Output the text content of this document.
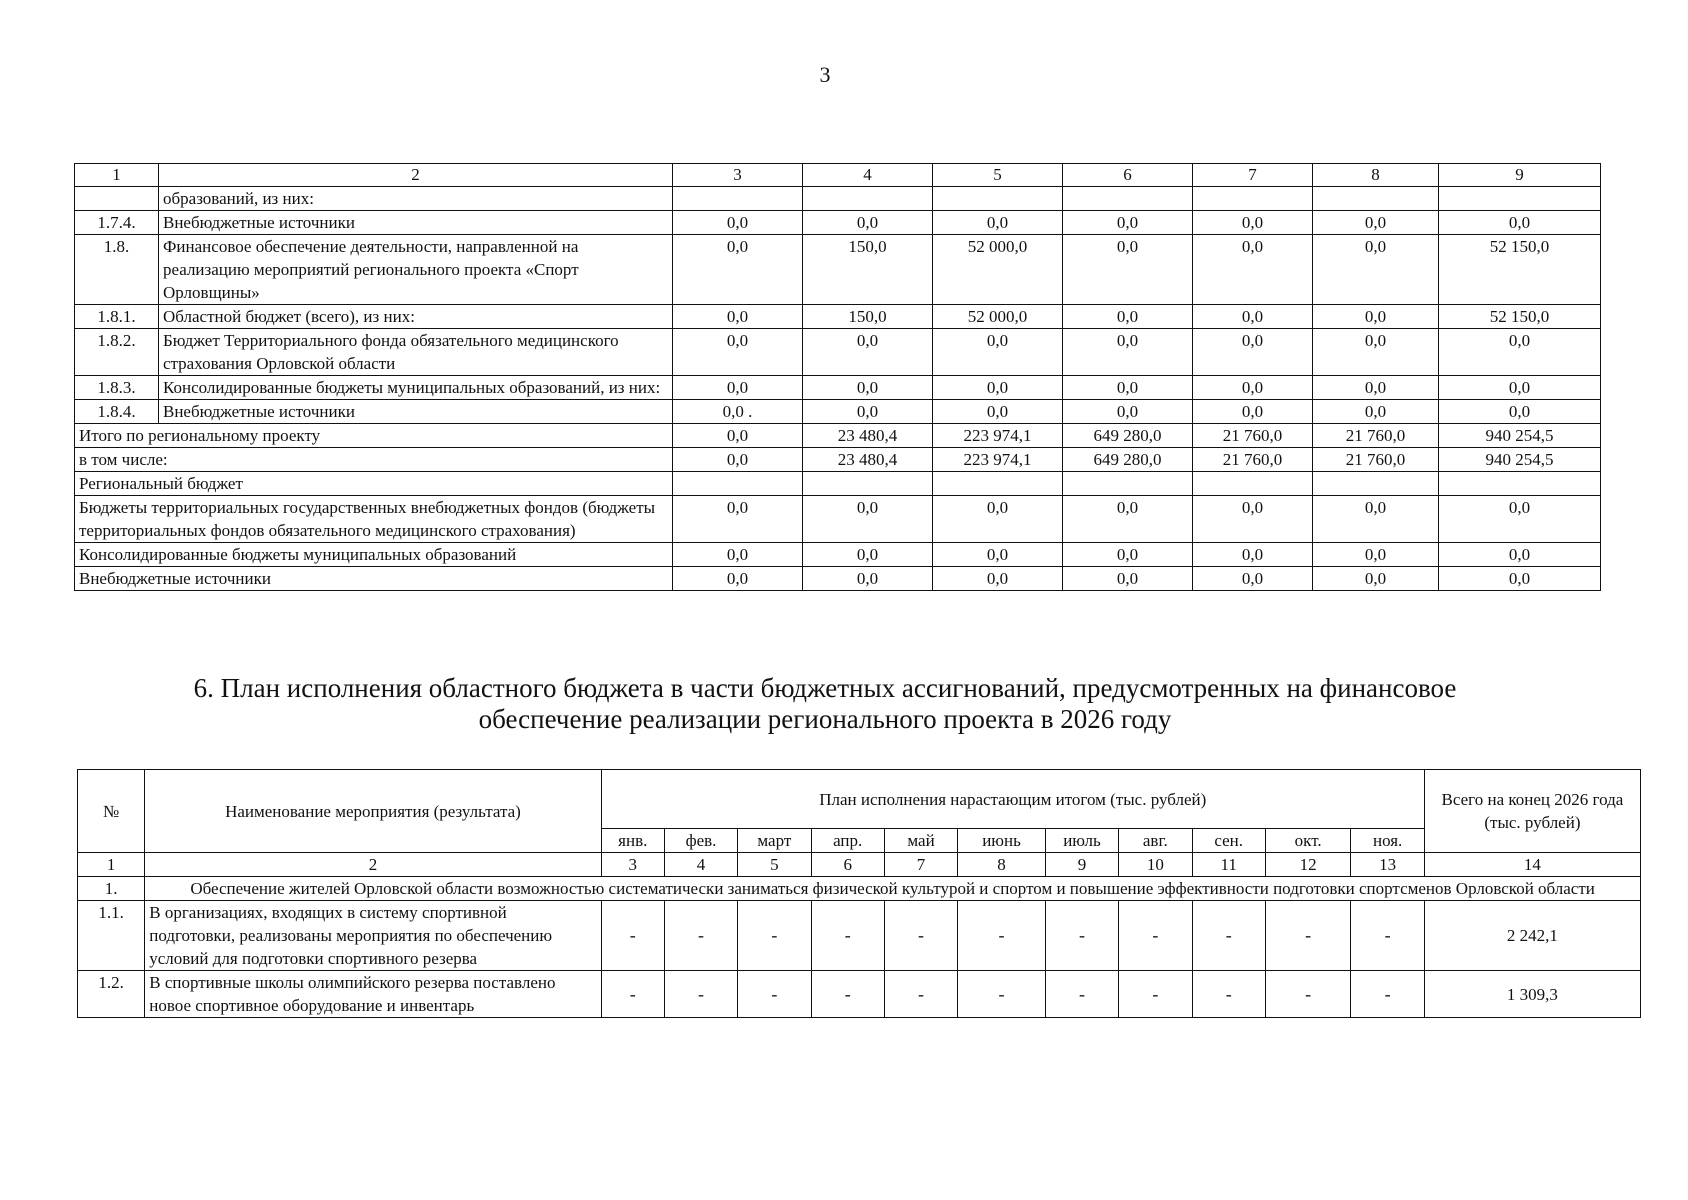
3
1	2	3	4	5	6	7	8	9
	образований, из них:							
1.7.4.	Внебюджетные источники	0,0	0,0	0,0	0,0	0,0	0,0	0,0
1.8.	Финансовое обеспечение деятельности, направленной на реализацию мероприятий регионального проекта «Спорт Орловщины»	0,0	150,0	52 000,0	0,0	0,0	0,0	52 150,0
1.8.1.	Областной бюджет (всего), из них:	0,0	150,0	52 000,0	0,0	0,0	0,0	52 150,0
1.8.2.	Бюджет Территориального фонда обязательного медицинского страхования Орловской области	0,0	0,0	0,0	0,0	0,0	0,0	0,0
1.8.3.	Консолидированные бюджеты муниципальных образований, из них:	0,0	0,0	0,0	0,0	0,0	0,0	0,0
1.8.4.	Внебюджетные источники	0,0 .	0,0	0,0	0,0	0,0	0,0	0,0
Итого по региональному проекту		0,0	23 480,4	223 974,1	649 280,0	21 760,0	21 760,0	940 254,5
в том числе:		0,0	23 480,4	223 974,1	649 280,0	21 760,0	21 760,0	940 254,5
Региональный бюджет								
Бюджеты территориальных государственных внебюджетных фондов (бюджеты территориальных фондов обязательного медицинского страхования)		0,0	0,0	0,0	0,0	0,0	0,0	0,0
Консолидированные бюджеты муниципальных образований		0,0	0,0	0,0	0,0	0,0	0,0	0,0
Внебюджетные источники		0,0	0,0	0,0	0,0	0,0	0,0	0,0
6. План исполнения областного бюджета в части бюджетных ассигнований, предусмотренных на финансовое
обеспечение реализации регионального проекта в 2026 году
№	Наименование мероприятия (результата)	План исполнения нарастающим итогом (тыс. рублей)											Всего на конец 2026 года (тыс. рублей)
		янв.	фев.	март	апр.	май	июнь	июль	авг.	сен.	окт.	ноя.	
1	2	3	4	5	6	7	8	9	10	11	12	13	14
1.	Обеспечение жителей Орловской области возможностью систематически заниматься физической культурой и спортом и повышение эффективности подготовки спортсменов Орловской области												
1.1.	В организациях, входящих в систему спортивной подготовки, реализованы мероприятия по обеспечению условий для подготовки спортивного резерва	-	-	-	-	-	-	-	-	-	-	-	2 242,1
1.2.	В спортивные школы олимпийского резерва поставлено новое спортивное оборудование и инвентарь	-	-	-	-	-	-	-	-	-	-	-	1 309,3
